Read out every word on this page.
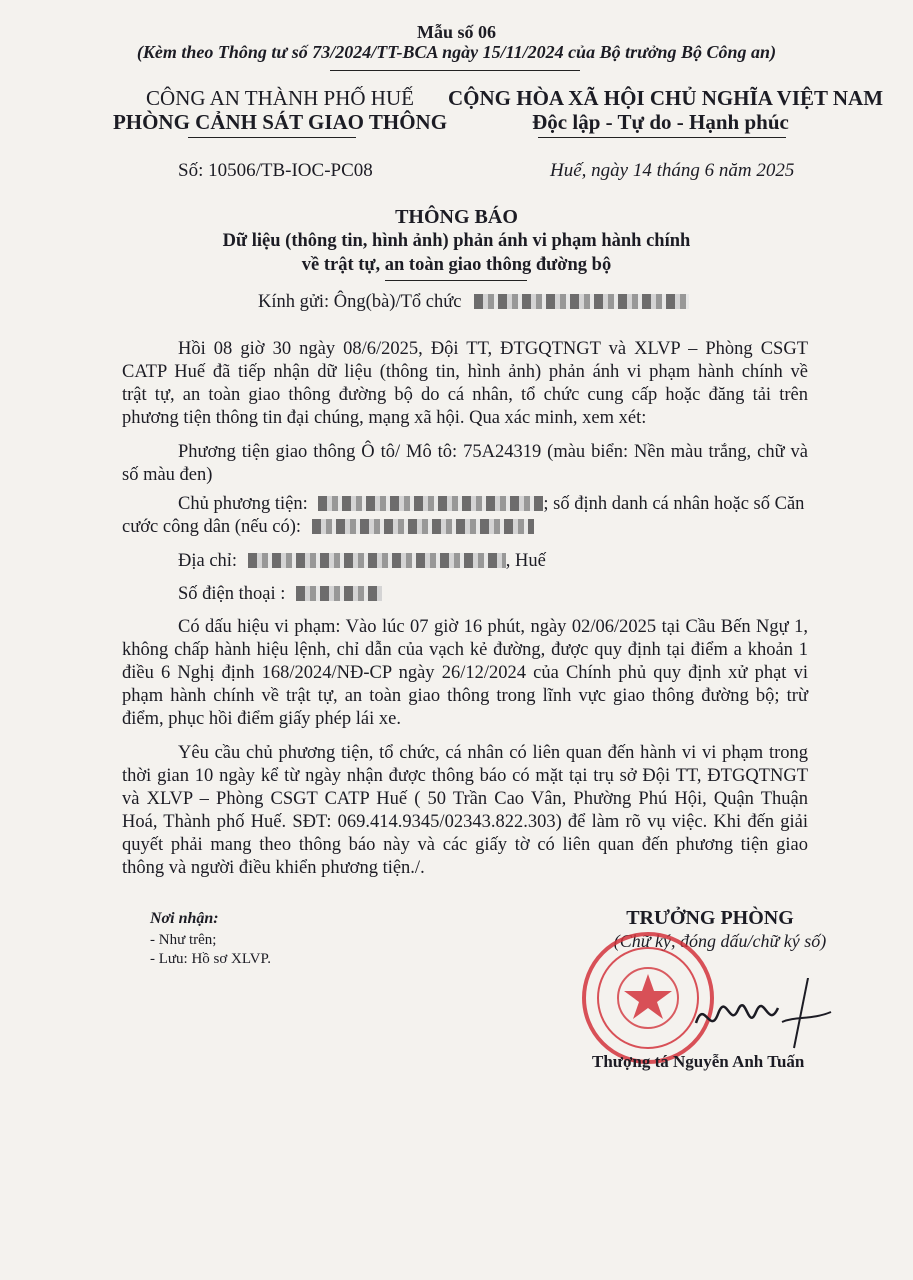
Mẫu số 06
(Kèm theo Thông tư số 73/2024/TT-BCA ngày 15/11/2024 của Bộ trưởng Bộ Công an)
CÔNG AN THÀNH PHỐ HUẾ
PHÒNG CẢNH SÁT GIAO THÔNG
CỘNG HÒA XÃ HỘI CHỦ NGHĨA VIỆT NAM
Độc lập - Tự do - Hạnh phúc
Số: 10506/TB-IOC-PC08	Huế, ngày 14 tháng 6 năm 2025
THÔNG BÁO
Dữ liệu (thông tin, hình ảnh) phản ánh vi phạm hành chính
về trật tự, an toàn giao thông đường bộ
Kính gửi: Ông(bà)/Tổ chức
Hồi 08 giờ 30 ngày 08/6/2025, Đội TT, ĐTGQTNGT và XLVP – Phòng CSGT
CATP Huế đã tiếp nhận dữ liệu (thông tin, hình ảnh) phản ánh vi phạm hành chính về
trật tự, an toàn giao thông đường bộ do cá nhân, tổ chức cung cấp hoặc đăng tải trên
phương tiện thông tin đại chúng, mạng xã hội. Qua xác minh, xem xét:
Phương tiện giao thông Ô tô/ Mô tô: 75A24319 (màu biển: Nền màu trắng, chữ và
số màu đen)
Chủ phương tiện:	; số định danh cá nhân hoặc số Căn
cước công dân (nếu có):
Địa chỉ:	, Huế
Số điện thoại :
Có dấu hiệu vi phạm: Vào lúc 07 giờ 16 phút, ngày 02/06/2025 tại Cầu Bến Ngự 1,
không chấp hành hiệu lệnh, chỉ dẫn của vạch kẻ đường, được quy định tại điểm a khoản 1
điều 6 Nghị định 168/2024/NĐ-CP ngày 26/12/2024 của Chính phủ quy định xử phạt vi
phạm hành chính về trật tự, an toàn giao thông trong lĩnh vực giao thông đường bộ; trừ
điểm, phục hồi điểm giấy phép lái xe.
Yêu cầu chủ phương tiện, tổ chức, cá nhân có liên quan đến hành vi vi phạm trong
thời gian 10 ngày kể từ ngày nhận được thông báo có mặt tại trụ sở Đội TT, ĐTGQTNGT
và XLVP – Phòng CSGT CATP Huế ( 50 Trần Cao Vân, Phường Phú Hội, Quận Thuận
Hoá, Thành phố Huế. SĐT: 069.414.9345/02343.822.303) để làm rõ vụ việc. Khi đến giải
quyết phải mang theo thông báo này và các giấy tờ có liên quan đến phương tiện giao
thông và người điều khiển phương tiện./.
Nơi nhận:
- Như trên;
- Lưu: Hồ sơ XLVP.
TRƯỞNG PHÒNG
(Chữ ký, đóng dấu/chữ ký số)
Thượng tá Nguyễn Anh Tuấn
